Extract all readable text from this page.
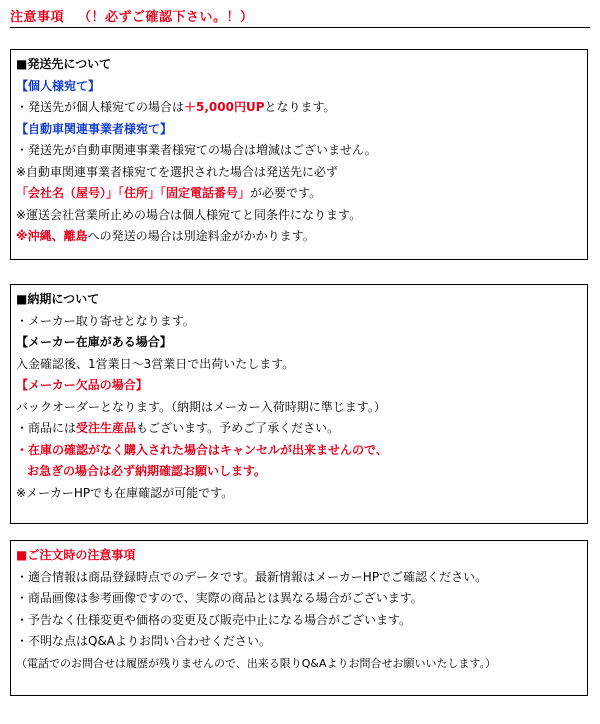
注意事項 （！必ずご確認下さい。！）
■発送先について
【個人様宛て】
・発送先が個人様宛ての場合は＋5,000円UPとなります。
【自動車関連事業者様宛て】
・発送先が自動車関連事業者様宛ての場合は増減はございません。
※自動車関連事業者様宛てを選択された場合は発送先に必ず
「会社名（屋号）」「住所」「固定電話番号」が必要です。
※運送会社営業所止めの場合は個人様宛てと同条件になります。
※沖縄、離島への発送の場合は別途料金がかかります。
■納期について
・メーカー取り寄せとなります。
【メーカー在庫がある場合】
入金確認後、1営業日～3営業日で出荷いたします。
【メーカー欠品の場合】
バックオーダーとなります。（納期はメーカー入荷時期に準じます。）
・商品には受注生産品もございます。予めご了承ください。
・在庫の確認がなく購入された場合はキャンセルが出来ませんので、
お急ぎの場合は必ず納期確認お願いします。
※メーカーHPでも在庫確認が可能です。
■ご注文時の注意事項
・適合情報は商品登録時点でのデータです。最新情報はメーカーHPでご確認ください。
・商品画像は参考画像ですので、実際の商品とは異なる場合がございます。
・予告なく仕様変更や価格の変更及び販売中止になる場合がございます。
・不明な点はQ&Aよりお問い合わせください。
（電話でのお問合せは履歴が残りませんので、出来る限りQ&Aよりお問合せお願いいたします。）
